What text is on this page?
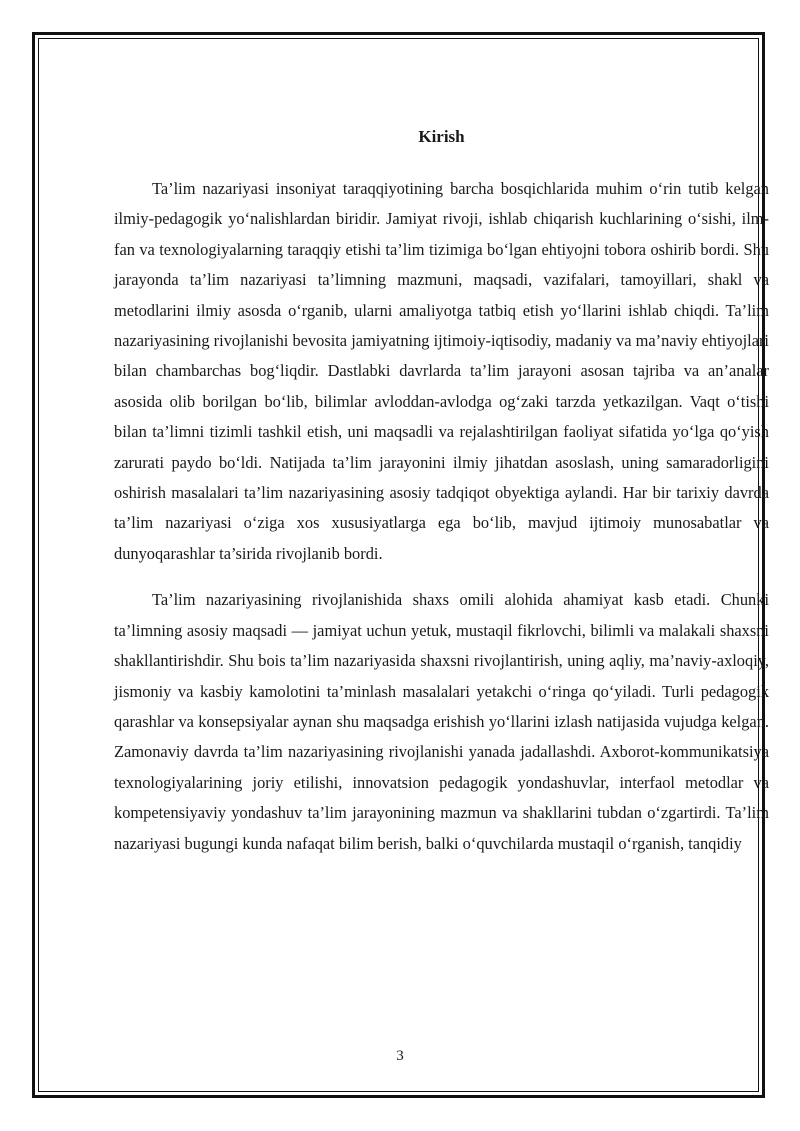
Kirish

Ta’lim nazariyasi insoniyat taraqqiyotining barcha bosqichlarida muhim o‘rin tutib kelgan ilmiy-pedagogik yo‘nalishlardan biridir. Jamiyat rivoji, ishlab chiqarish kuchlarining o‘sishi, ilm-fan va texnologiyalarning taraqqiy etishi ta’lim tizimiga bo‘lgan ehtiyojni tobora oshirib bordi. Shu jarayonda ta’lim nazariyasi ta’limning mazmuni, maqsadi, vazifalari, tamoyillari, shakl va metodlarini ilmiy asosda o‘rganib, ularni amaliyotga tatbiq etish yo‘llarini ishlab chiqdi. Ta’lim nazariyasining rivojlanishi bevosita jamiyatning ijtimoiy-iqtisodiy, madaniy va ma’naviy ehtiyojlari bilan chambarchas bog‘liqdir. Dastlabki davrlarda ta’lim jarayoni asosan tajriba va an’analar asosida olib borilgan bo‘lib, bilimlar avloddan-avlodga og‘zaki tarzda yetkazilgan. Vaqt o‘tishi bilan ta’limni tizimli tashkil etish, uni maqsadli va rejalashtirilgan faoliyat sifatida yo‘lga qo‘yish zarurati paydo bo‘ldi. Natijada ta’lim jarayonini ilmiy jihatdan asoslash, uning samaradorligini oshirish masalalari ta’lim nazariyasining asosiy tadqiqot obyektiga aylandi. Har bir tarixiy davrda ta’lim nazariyasi o‘ziga xos xususiyatlarga ega bo‘lib, mavjud ijtimoiy munosabatlar va dunyoqarashlar ta’sirida rivojlanib bordi.

Ta’lim nazariyasining rivojlanishida shaxs omili alohida ahamiyat kasb etadi. Chunki ta’limning asosiy maqsadi — jamiyat uchun yetuk, mustaqil fikrlovchi, bilimli va malakali shaxsni shakllantirishdir. Shu bois ta’lim nazariyasida shaxsni rivojlantirish, uning aqliy, ma’naviy-axloqiy, jismoniy va kasbiy kamolotini ta’minlash masalalari yetakchi o‘ringa qo‘yiladi. Turli pedagogik qarashlar va konsepsiyalar aynan shu maqsadga erishish yo‘llarini izlash natijasida vujudga kelgan. Zamonaviy davrda ta’lim nazariyasining rivojlanishi yanada jadallashdi. Axborot-kommunikatsiya texnologiyalarining joriy etilishi, innovatsion pedagogik yondashuvlar, interfaol metodlar va kompetensiyaviy yondashuv ta’lim jarayonining mazmun va shakllarini tubdan o‘zgartirdi. Ta’lim nazariyasi bugungi kunda nafaqat bilim berish, balki o‘quvchilarda mustaqil o‘rganish, tanqidiy

3
